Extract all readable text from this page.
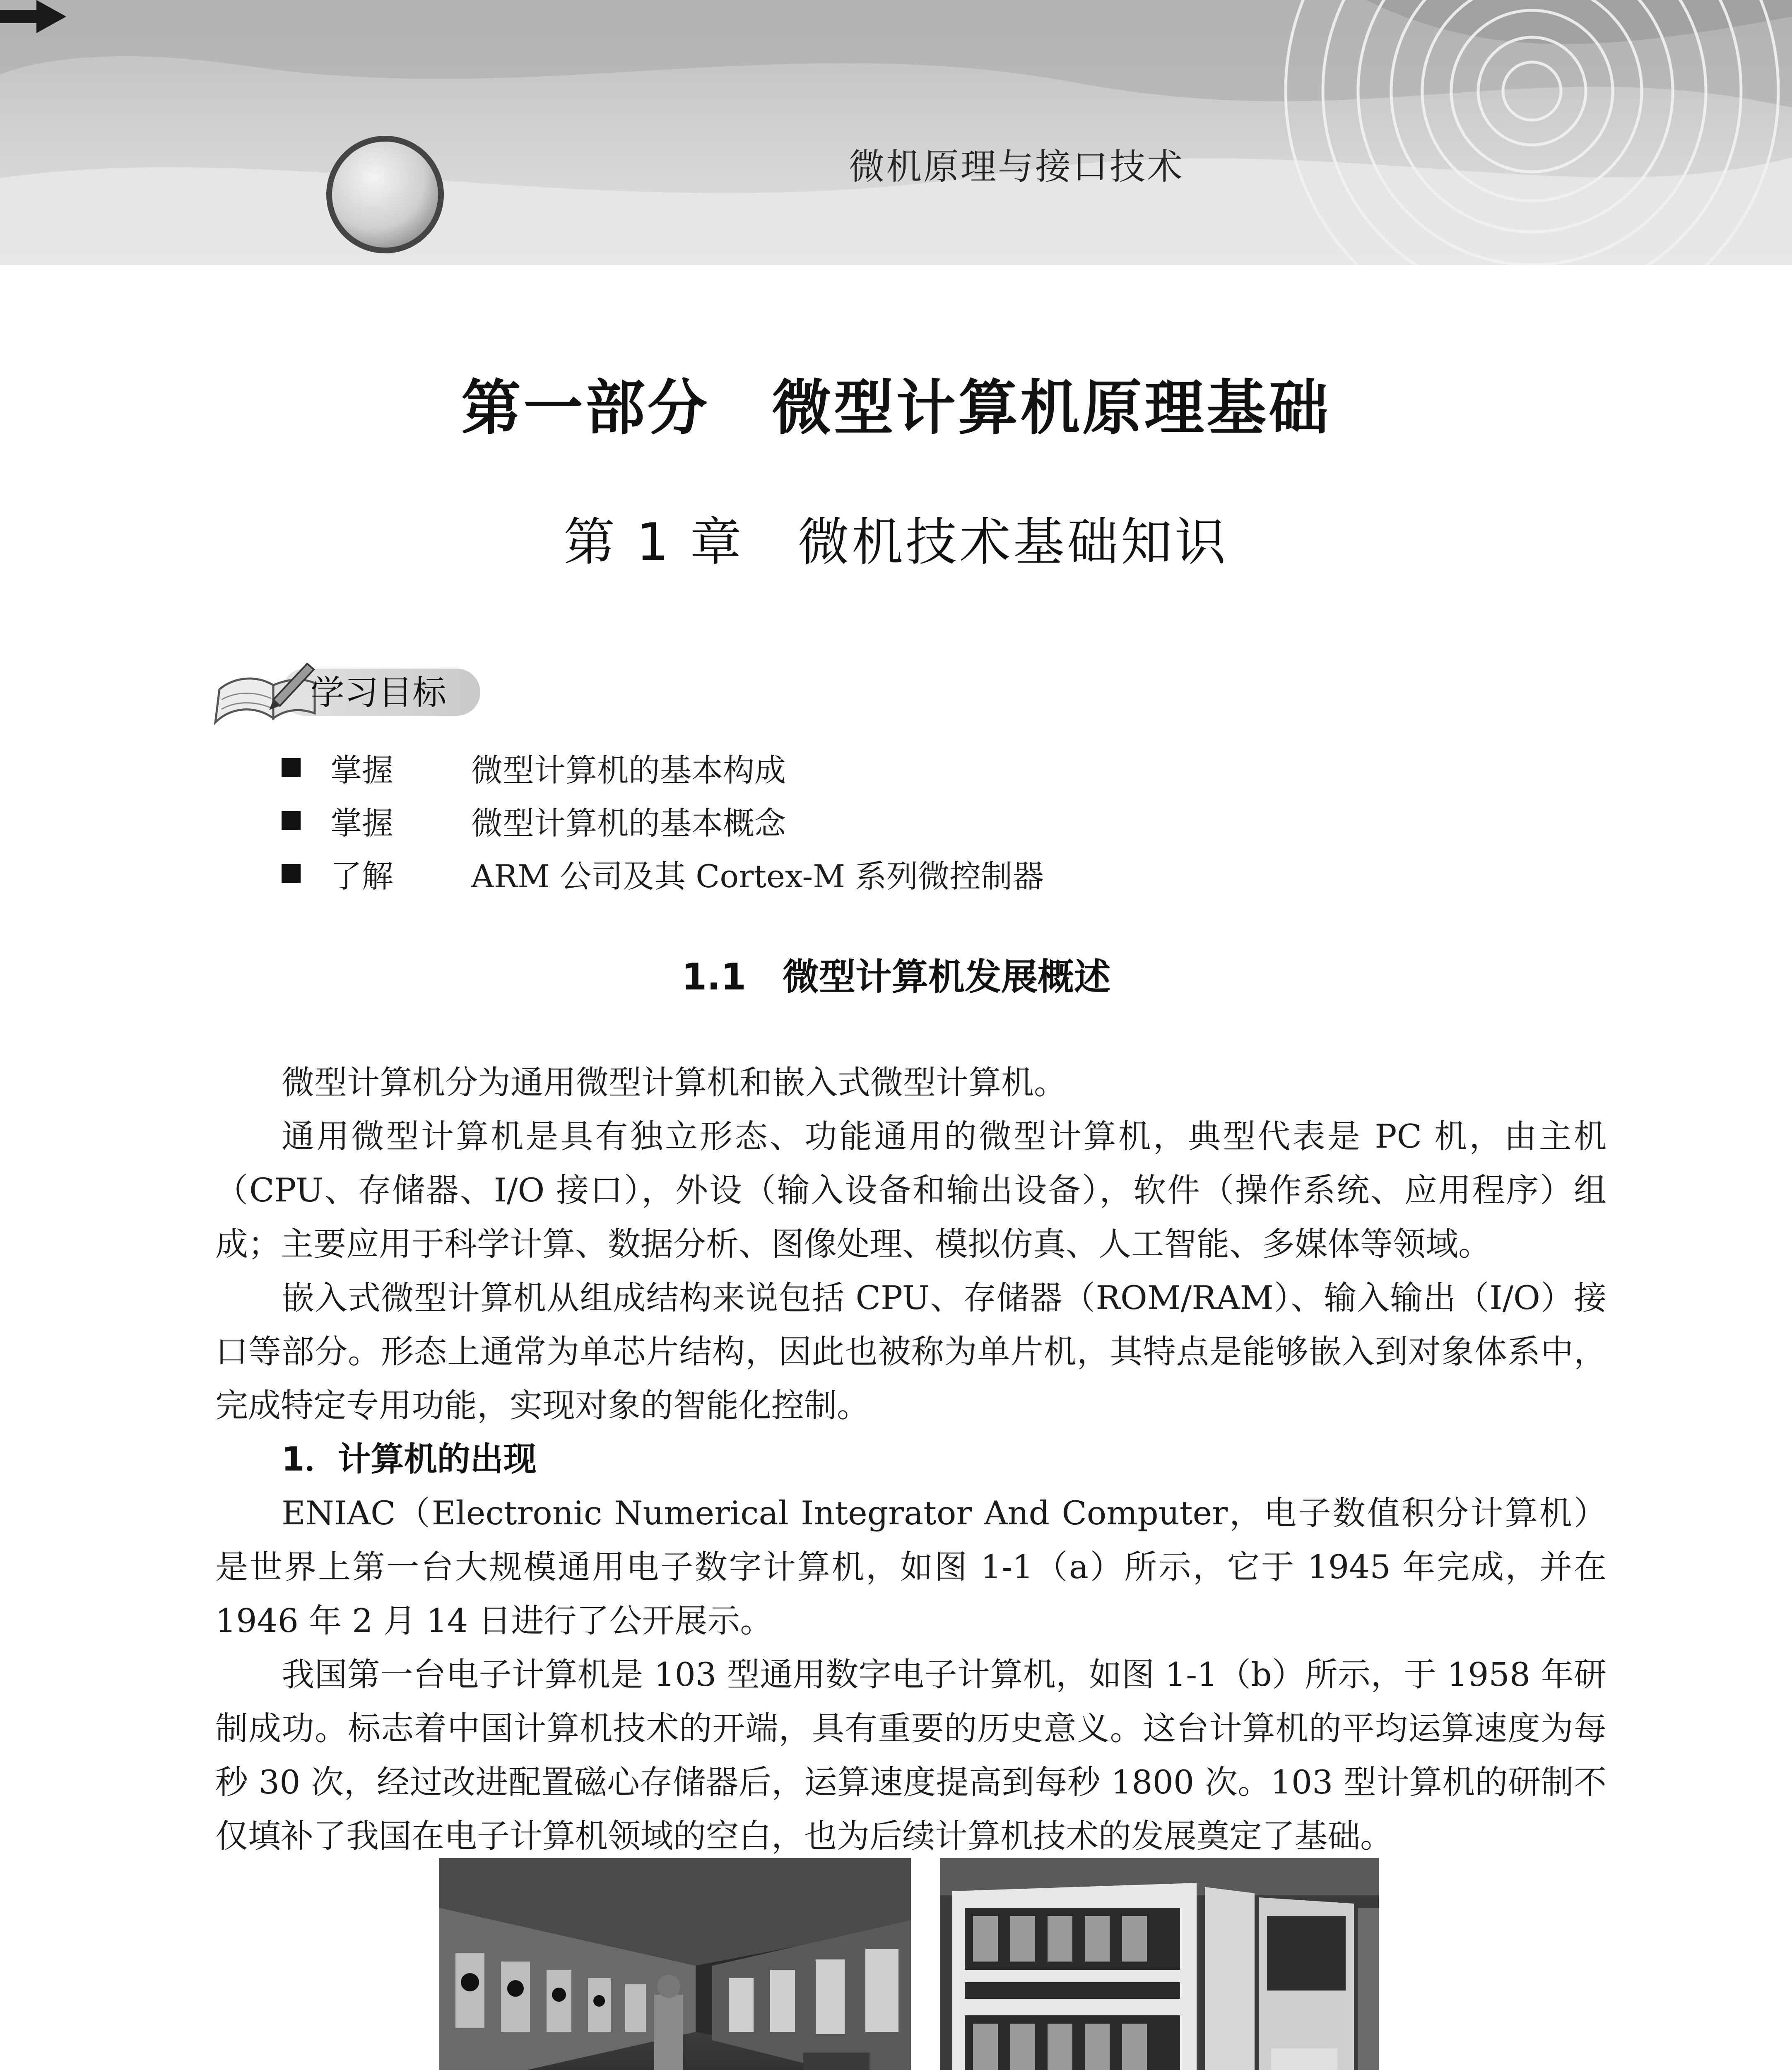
微机原理与接口技术
第一部分　微型计算机原理基础
第 1 章　微机技术基础知识
学习目标
掌握	微型计算机的基本构成
掌握	微型计算机的基本概念
了解	ARM 公司及其 Cortex-M 系列微控制器
1.1　微型计算机发展概述

微型计算机分为通用微型计算机和嵌入式微型计算机。

通用微型计算机是具有独立形态、功能通用的微型计算机，典型代表是 PC 机，由主机（CPU、存储器、I/O 接口），外设（输入设备和输出设备），软件（操作系统、应用程序）组成；主要应用于科学计算、数据分析、图像处理、模拟仿真、人工智能、多媒体等领域。

嵌入式微型计算机从组成结构来说包括 CPU、存储器（ROM/RAM）、输入输出（I/O）接口等部分。形态上通常为单芯片结构，因此也被称为单片机，其特点是能够嵌入到对象体系中，完成特定专用功能，实现对象的智能化控制。

1．计算机的出现

ENIAC（Electronic Numerical Integrator And Computer，电子数值积分计算机）是世界上第一台大规模通用电子数字计算机，如图 1-1（a）所示，它于 1945 年完成，并在 1946 年 2 月 14 日进行了公开展示。

我国第一台电子计算机是 103 型通用数字电子计算机，如图 1-1（b）所示，于 1958 年研制成功。标志着中国计算机技术的开端，具有重要的历史意义。这台计算机的平均运算速度为每秒 30 次，经过改进配置磁心存储器后，运算速度提高到每秒 1800 次。103 型计算机的研制不仅填补了我国在电子计算机领域的空白，也为后续计算机技术的发展奠定了基础。
